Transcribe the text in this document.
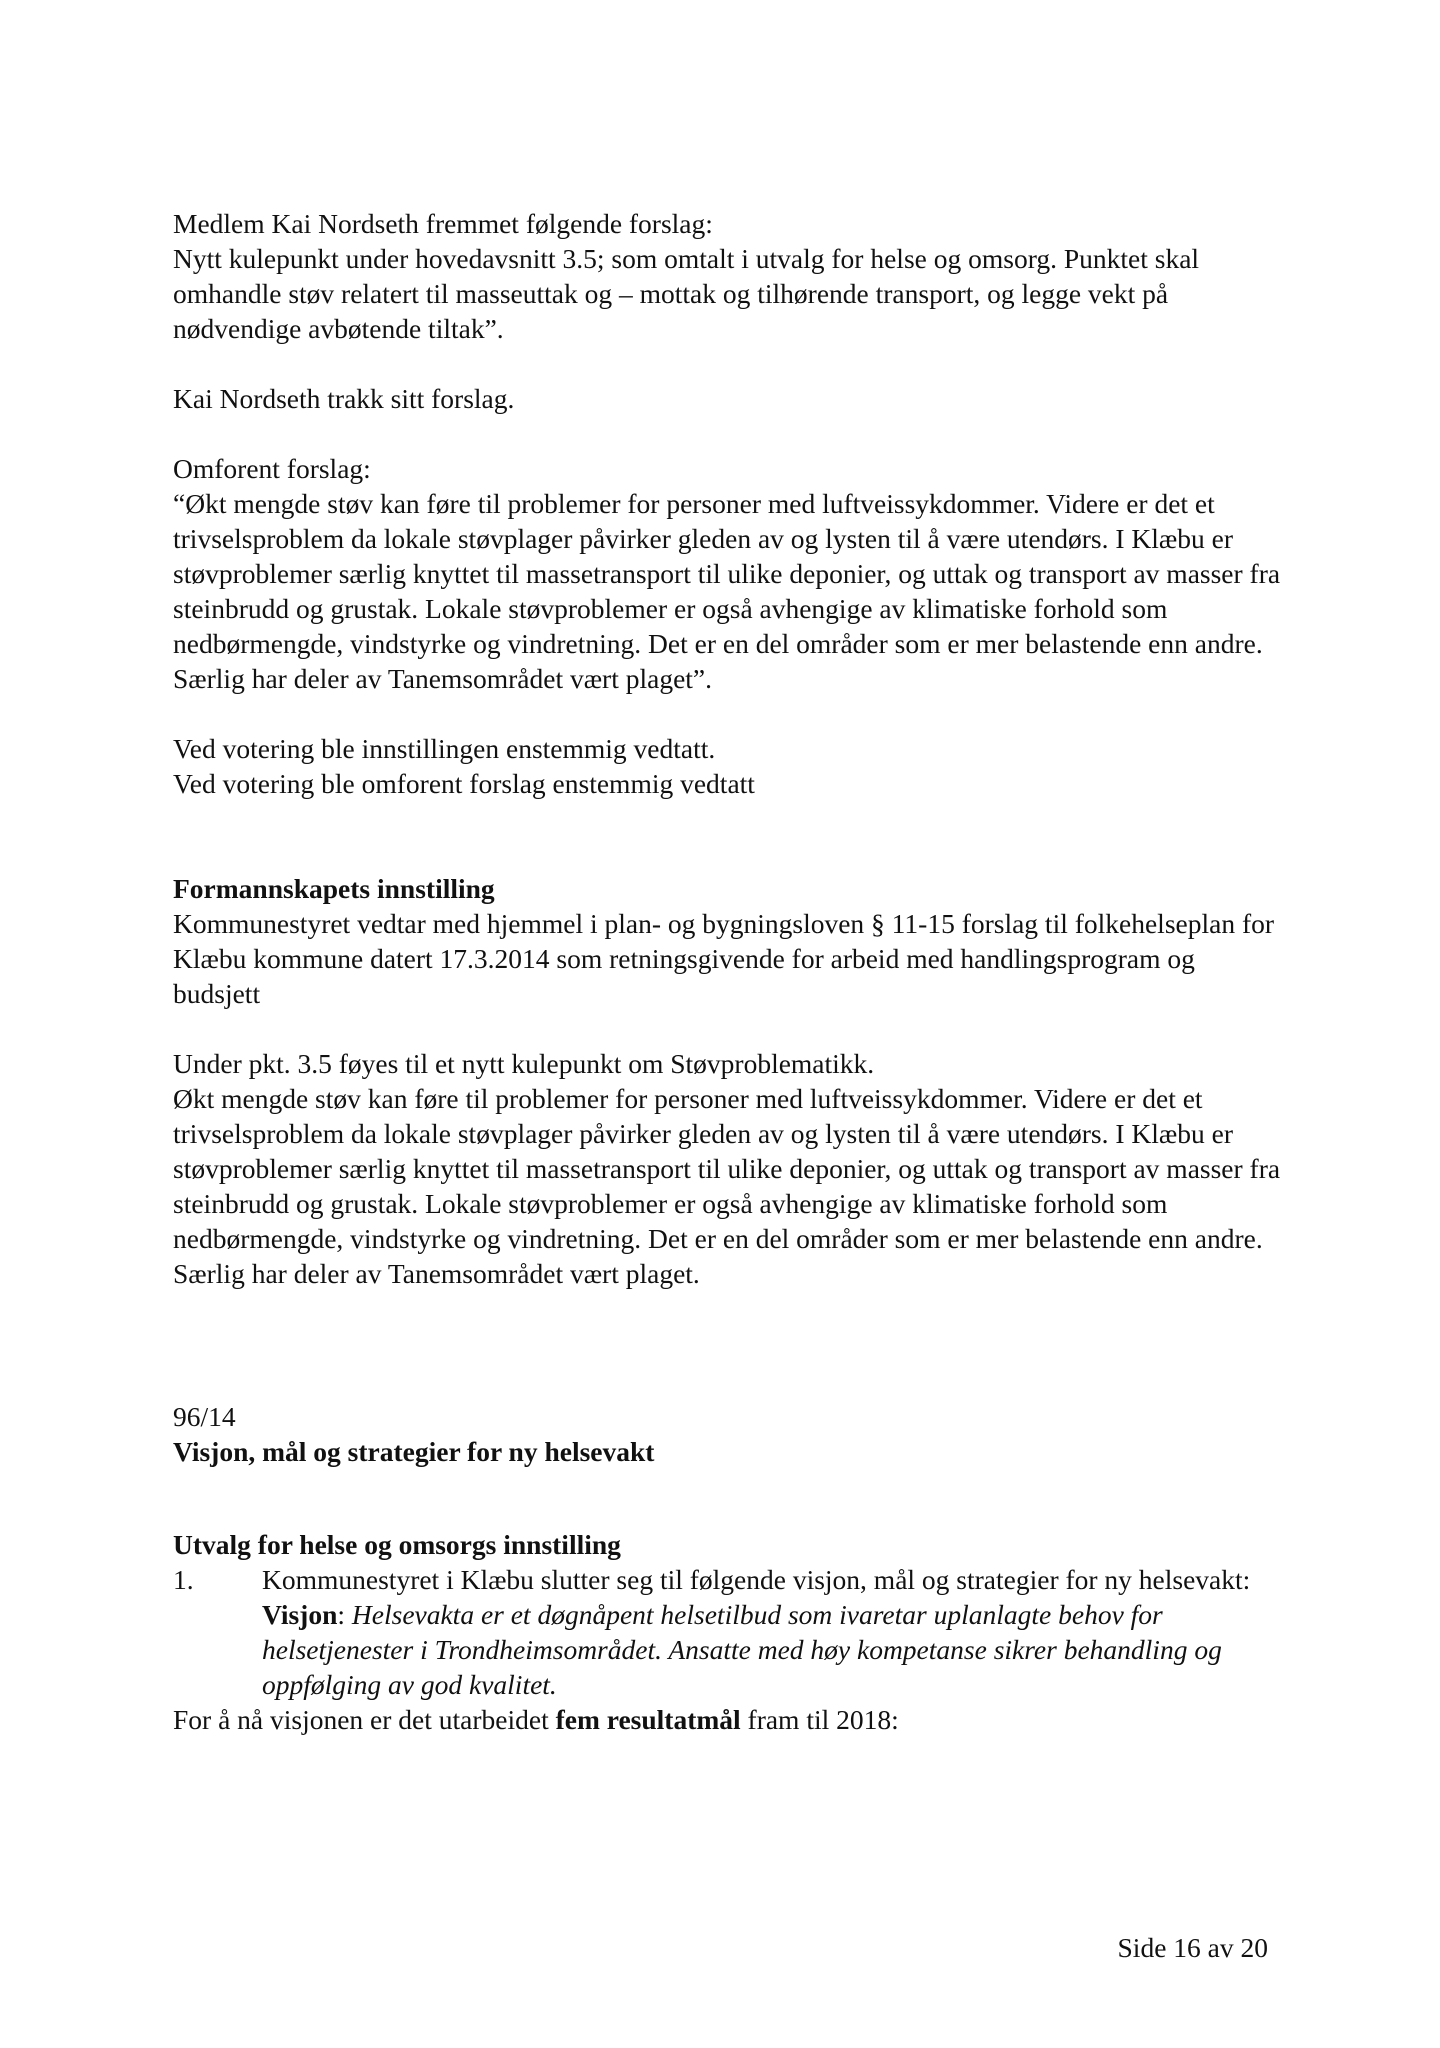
Medlem Kai Nordseth fremmet følgende forslag:

Nytt kulepunkt under hovedavsnitt 3.5; som omtalt i utvalg for helse og omsorg. Punktet skal omhandle støv relatert til masseuttak og – mottak og tilhørende transport, og legge vekt på nødvendige avbøtende tiltak”.

Kai Nordseth trakk sitt forslag.

Omforent forslag:

“Økt mengde støv kan føre til problemer for personer med luftveissykdommer. Videre er det et trivselsproblem da lokale støvplager påvirker gleden av og lysten til å være utendørs. I Klæbu er støvproblemer særlig knyttet til massetransport til ulike deponier, og uttak og transport av masser fra steinbrudd og grustak. Lokale støvproblemer er også avhengige av klimatiske forhold som nedbørmengde, vindstyrke og vindretning. Det er en del områder som er mer belastende enn andre. Særlig har deler av Tanemsområdet vært plaget”.

Ved votering ble innstillingen enstemmig vedtatt.

Ved votering ble omforent forslag enstemmig vedtatt

Formannskapets innstilling

Kommunestyret vedtar med hjemmel i plan- og bygningsloven § 11-15 forslag til folkehelseplan for Klæbu kommune datert 17.3.2014 som retningsgivende for arbeid med handlingsprogram og budsjett

Under pkt. 3.5 føyes til et nytt kulepunkt om Støvproblematikk.

Økt mengde støv kan føre til problemer for personer med luftveissykdommer. Videre er det et trivselsproblem da lokale støvplager påvirker gleden av og lysten til å være utendørs. I Klæbu er støvproblemer særlig knyttet til massetransport til ulike deponier, og uttak og transport av masser fra steinbrudd og grustak. Lokale støvproblemer er også avhengige av klimatiske forhold som nedbørmengde, vindstyrke og vindretning. Det er en del områder som er mer belastende enn andre. Særlig har deler av Tanemsområdet vært plaget.

96/14

Visjon, mål og strategier for ny helsevakt

Utvalg for helse og omsorgs innstilling

1.	Kommunestyret i Klæbu slutter seg til følgende visjon, mål og strategier for ny helsevakt:

Visjon: Helsevakta er et døgnåpent helsetilbud som ivaretar uplanlagte behov for helsetjenester i Trondheimsområdet. Ansatte med høy kompetanse sikrer behandling og oppfølging av god kvalitet.

For å nå visjonen er det utarbeidet fem resultatmål fram til 2018:

Side 16 av 20
